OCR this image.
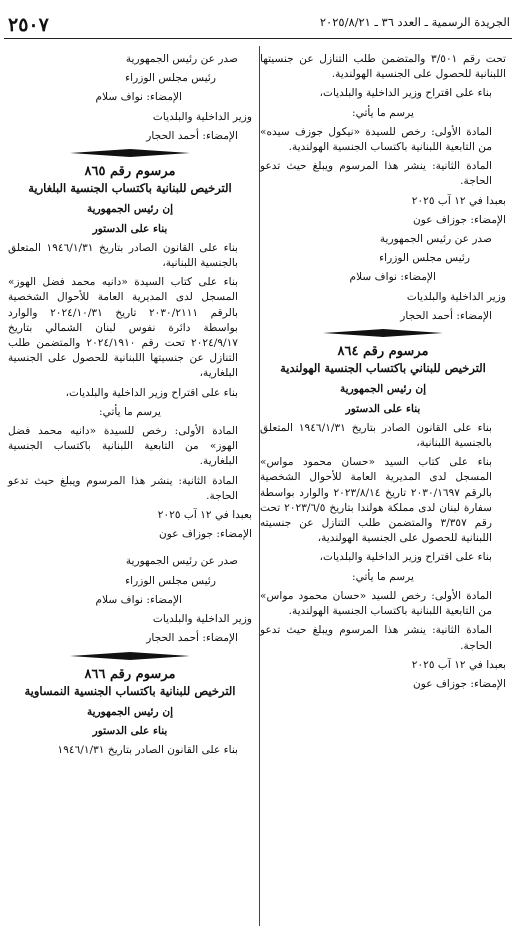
٢٥٠٧	الجريدة الرسمية ـ العدد ٣٦ ـ ٢٠٢٥/٨/٢١

تحت رقم ٣/٥٠١ والمتضمن طلب التنازل عن جنسيتها اللبنانية للحصول على الجنسية الهولندية.

بناء على اقتراح وزير الداخلية والبلديات،

يرسم ما يأتي:

المادة الأولى: رخص للسيدة «نيكول جوزف سيده» من التابعية اللبنانية باكتساب الجنسية الهولندية.

المادة الثانية: ينشر هذا المرسوم ويبلغ حيث تدعو الحاجة.

بعبدا في ١٢ آب ٢٠٢٥

الإمضاء: جوزاف عون

صدر عن رئيس الجمهورية

رئيس مجلس الوزراء

الإمضاء: نواف سلام

وزير الداخلية والبلديات

الإمضاء: أحمد الحجار

مرسوم رقم ٨٦٤
الترخيص للبناني باكتساب الجنسية الهولندية

إن رئيس الجمهورية

بناء على الدستور

بناء على القانون الصادر بتاريخ ١٩٤٦/١/٣١ المتعلق بالجنسية اللبنانية،

بناء على كتاب السيد «حسان محمود مواس» المسجل لدى المديرية العامة للأحوال الشخصية بالرقم ٢٠٣٠/١٦٩٧ تاريخ ٢٠٢٣/٨/١٤ والوارد بواسطة سفارة لبنان لدى مملكة هولندا بتاريخ ٢٠٢٣/٦/٥ تحت رقم ٣/٣٥٧ والمتضمن طلب التنازل عن جنسيته اللبنانية للحصول على الجنسية الهولندية،

بناء على اقتراح وزير الداخلية والبلديات،

يرسم ما يأتي:

المادة الأولى: رخص للسيد «حسان محمود مواس» من التابعية اللبنانية باكتساب الجنسية الهولندية.

المادة الثانية: ينشر هذا المرسوم ويبلغ حيث تدعو الحاجة.

بعبدا في ١٢ آب ٢٠٢٥

الإمضاء: جوزاف عون

صدر عن رئيس الجمهورية

رئيس مجلس الوزراء

الإمضاء: نواف سلام

وزير الداخلية والبلديات

الإمضاء: أحمد الحجار

مرسوم رقم ٨٦٥
الترخيص للبنانية باكتساب الجنسية البلغارية

إن رئيس الجمهورية

بناء على الدستور

بناء على القانون الصادر بتاريخ ١٩٤٦/١/٣١ المتعلق بالجنسية اللبنانية،

بناء على كتاب السيدة «دانيه محمد فضل الهوز» المسجل لدى المديرية العامة للأحوال الشخصية بالرقم ٢٠٣٠/٢١١١ تاريخ ٢٠٢٤/١٠/٣١ والوارد بواسطة دائرة نفوس لبنان الشمالي بتاريخ ٢٠٢٤/٩/١٧ تحت رقم ٢٠٢٤/١٩١٠ والمتضمن طلب التنازل عن جنسيتها اللبنانية للحصول على الجنسية البلغارية،

بناء على اقتراح وزير الداخلية والبلديات،

يرسم ما يأتي:

المادة الأولى: رخص للسيدة «دانيه محمد فضل الهوز» من التابعية اللبنانية باكتساب الجنسية البلغارية.

المادة الثانية: ينشر هذا المرسوم ويبلغ حيث تدعو الحاجة.

بعبدا في ١٢ آب ٢٠٢٥

الإمضاء: جوزاف عون

صدر عن رئيس الجمهورية

رئيس مجلس الوزراء

الإمضاء: نواف سلام

وزير الداخلية والبلديات

الإمضاء: أحمد الحجار

مرسوم رقم ٨٦٦
الترخيص للبنانية باكتساب الجنسية النمساوية

إن رئيس الجمهورية

بناء على الدستور

بناء على القانون الصادر بتاريخ ١٩٤٦/١/٣١
